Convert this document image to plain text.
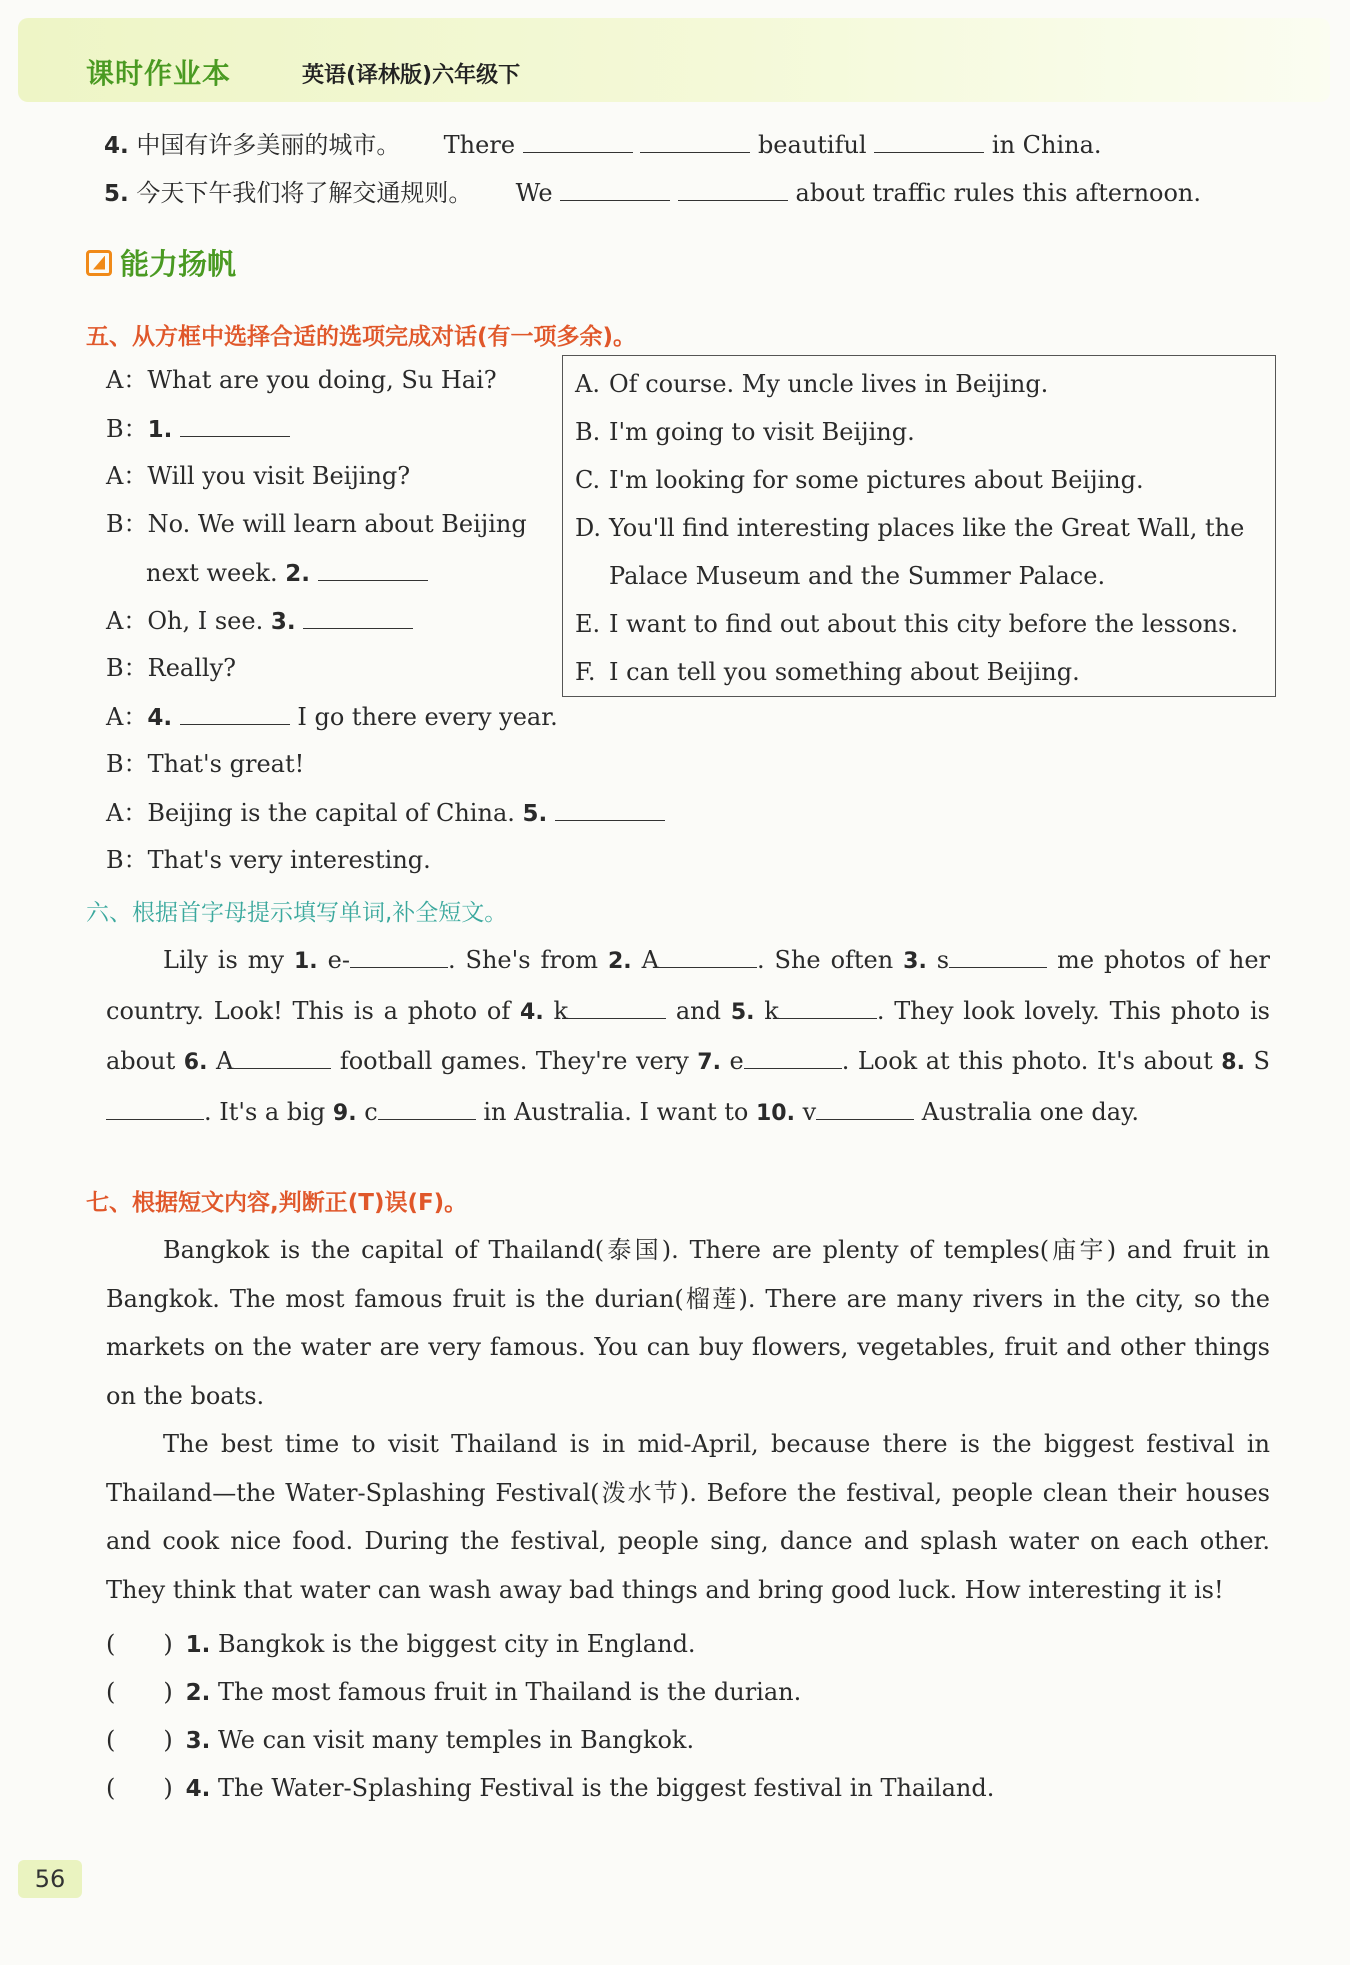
课时作业本	英语(译林版)六年级下
4. 中国有许多美丽的城市。 There	beautiful	in China.
5. 今天下午我们将了解交通规则。 We	about traffic rules this afternoon.
能力扬帆
五、从方框中选择合适的选项完成对话(有一项多余)。
A：What are you doing, Su Hai?
B：1.
A：Will you visit Beijing?
B：No. We will learn about Beijing
next week. 2.
A：Oh, I see. 3.
B：Really?
A：4.	I go there every year.
B：That's great!
A：Beijing is the capital of China. 5.
B：That's very interesting.
A. Of course. My uncle lives in Beijing.
B. I'm going to visit Beijing.
C. I'm looking for some pictures about Beijing.
D. You'll find interesting places like the Great Wall, the
Palace Museum and the Summer Palace.
E. I want to find out about this city before the lessons.
F. I can tell you something about Beijing.
六、根据首字母提示填写单词,补全短文。

Lily is my 1. e-	. She's from 2. A	. She often 3. s	me photos of her country. Look! This is a photo of 4. k	and 5. k	. They look lovely. This photo is about 6. A	football games. They're very 7. e	. Look at this photo. It's about 8. S. It's a big 9. c	in Australia. I want to 10. v	Australia one day.

七、根据短文内容,判断正(T)误(F)。

Bangkok is the capital of Thailand(泰国). There are plenty of temples(庙宇) and fruit in Bangkok. The most famous fruit is the durian(榴莲). There are many rivers in the city, so the markets on the water are very famous. You can buy flowers, vegetables, fruit and other things on the boats.

The best time to visit Thailand is in mid-April, because there is the biggest festival in Thailand—the Water-Splashing Festival(泼水节). Before the festival, people clean their houses and cook nice food. During the festival, people sing, dance and splash water on each other. They think that water can wash away bad things and bring good luck. How interesting it is!

(　　) 1. Bangkok is the biggest city in England.
(　　) 2. The most famous fruit in Thailand is the durian.
(　　) 3. We can visit many temples in Bangkok.
(　　) 4. The Water-Splashing Festival is the biggest festival in Thailand.
56
